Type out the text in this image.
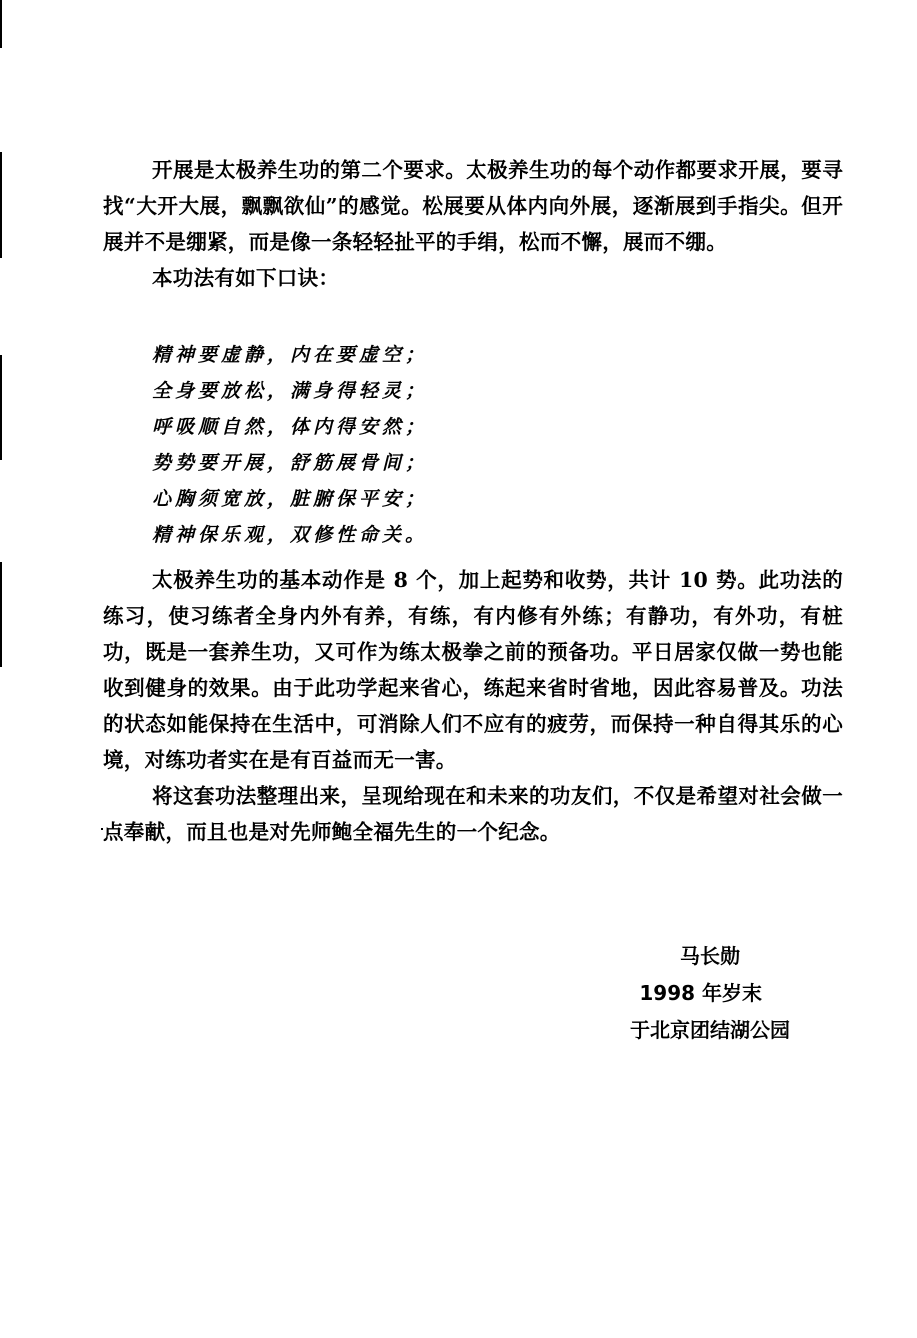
开展是太极养生功的第二个要求。太极养生功的每个动作都要求开展，要寻找“大开大展，飘飘欲仙”的感觉。松展要从体内向外展，逐渐展到手指尖。但开展并不是绷紧，而是像一条轻轻扯平的手绢，松而不懈，展而不绷。

本功法有如下口诀：

精神要虚静，内在要虚空；
全身要放松，满身得轻灵；
呼吸顺自然，体内得安然；
势势要开展，舒筋展骨间；
心胸须宽放，脏腑保平安；
精神保乐观，双修性命关。

太极养生功的基本动作是 8 个，加上起势和收势，共计 10 势。此功法的练习，使习练者全身内外有养，有练，有内修有外练；有静功，有外功，有桩功，既是一套养生功，又可作为练太极拳之前的预备功。平日居家仅做一势也能收到健身的效果。由于此功学起来省心，练起来省时省地，因此容易普及。功法的状态如能保持在生活中，可消除人们不应有的疲劳，而保持一种自得其乐的心境，对练功者实在是有百益而无一害。

将这套功法整理出来，呈现给现在和未来的功友们，不仅是希望对社会做一点奉献，而且也是对先师鲍全福先生的一个纪念。

马长勋
1998 年岁末
于北京团结湖公园
